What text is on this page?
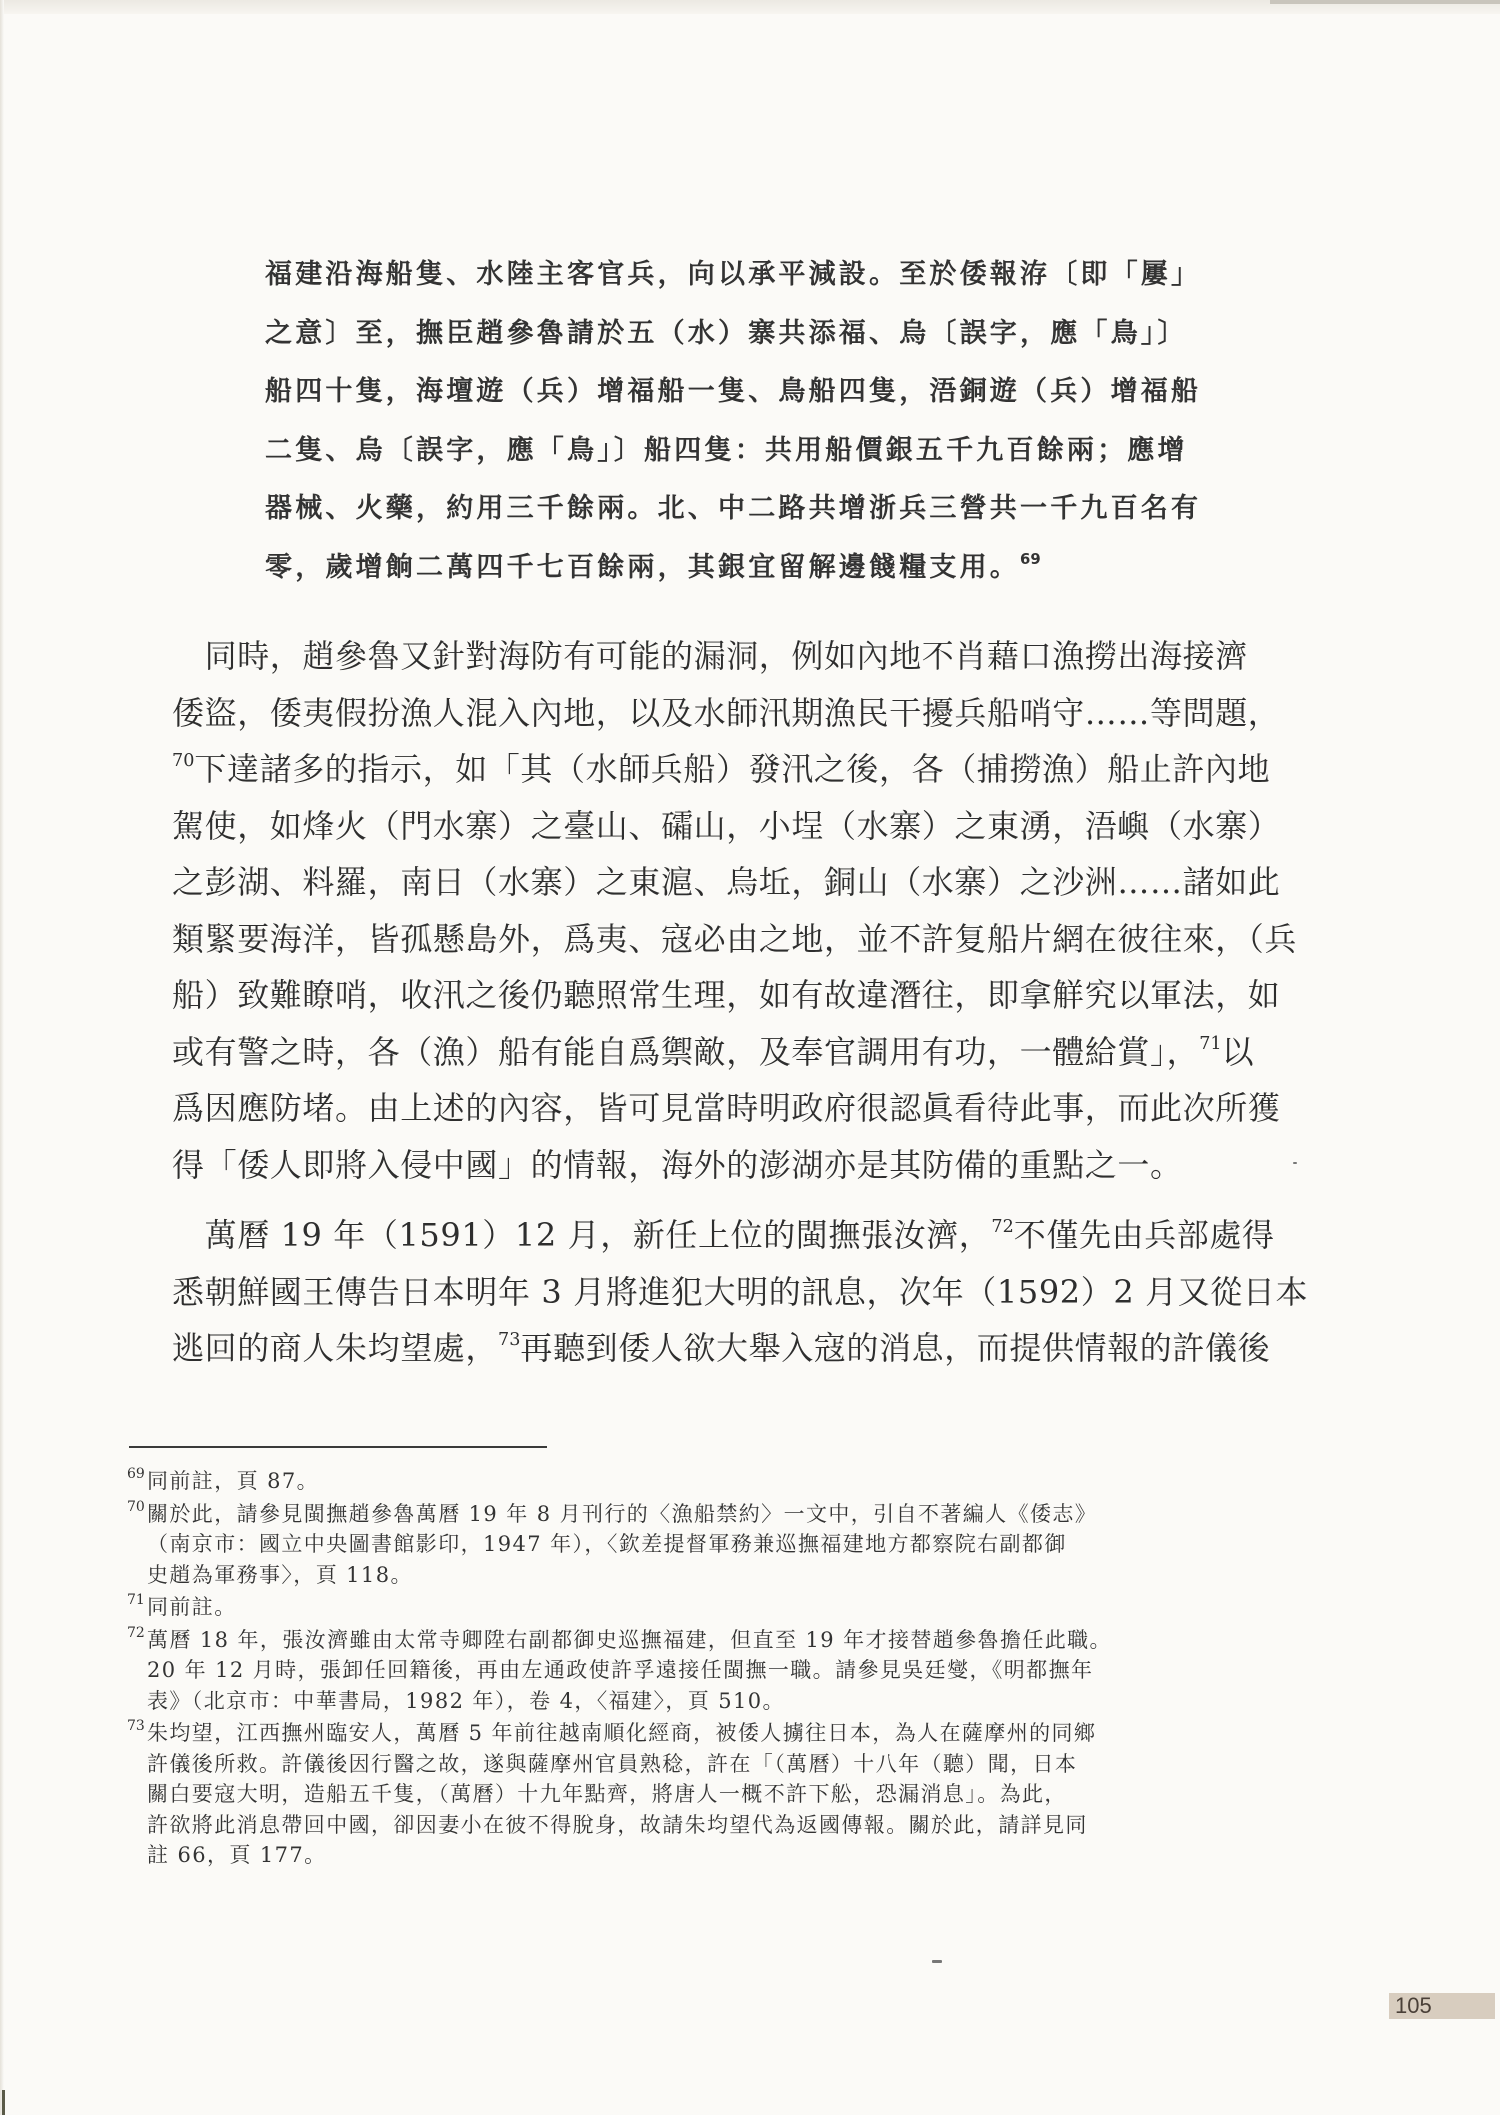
福建沿海船隻、水陸主客官兵，向以承平減設。至於倭報洊〔即「屢」
之意〕至，撫臣趙參魯請於五（水）寨共添福、烏〔誤字，應「鳥」〕
船四十隻，海壇遊（兵）增福船一隻、鳥船四隻，浯銅遊（兵）增福船
二隻、烏〔誤字，應「鳥」〕船四隻：共用船價銀五千九百餘兩；應增
器械、火藥，約用三千餘兩。北、中二路共增浙兵三營共一千九百名有
零，歲增餉二萬四千七百餘兩，其銀宜留解邊餞糧支用。$^{69}$
　同時，趙參魯又針對海防有可能的漏洞，例如內地不肖藉口漁撈出海接濟
倭盜，倭夷假扮漁人混入內地，以及水師汛期漁民干擾兵船哨守……等問題，
$^{70}$下達諸多的指示，如「其（水師兵船）發汛之後，各（捕撈漁）船止許內地
駕使，如烽火（門水寨）之臺山、礵山，小埕（水寨）之東湧，浯嶼（水寨）
之彭湖、料羅，南日（水寨）之東滬、烏坵，銅山（水寨）之沙洲……諸如此
類緊要海洋，皆孤懸島外，爲夷、寇必由之地，並不許复船片網在彼往來，（兵
船）致難瞭哨，收汛之後仍聽照常生理，如有故違潛往，即拿觧究以軍法，如
或有警之時，各（漁）船有能自爲禦敵，及奉官調用有功，一體給賞」，$^{71}$以
爲因應防堵。由上述的內容，皆可見當時明政府很認眞看待此事，而此次所獲
得「倭人即將入侵中國」的情報，海外的澎湖亦是其防備的重點之一。
　萬曆 19 年（1591）12 月，新任上位的閩撫張汝濟，$^{72}$不僅先由兵部處得
悉朝鮮國王傳告日本明年 3 月將進犯大明的訊息，次年（1592）2 月又從日本
逃回的商人朱均望處，$^{73}$再聽到倭人欲大舉入寇的消息，而提供情報的許儀後
69 同前註，頁 87。
70 關於此，請參見閩撫趙參魯萬曆 19 年 8 月刊行的〈漁船禁約〉一文中，引自不著編人《倭志》
（南京市：國立中央圖書館影印，1947 年），〈欽差提督軍務兼巡撫福建地方都察院右副都御
史趙為軍務事〉，頁 118。
71 同前註。
72 萬曆 18 年，張汝濟雖由太常寺卿陞右副都御史巡撫福建，但直至 19 年才接替趙參魯擔任此職。
20 年 12 月時，張卸任回籍後，再由左通政使許孚遠接任閩撫一職。請參見吳廷燮，《明都撫年
表》（北京市：中華書局，1982 年），卷 4，〈福建〉，頁 510。
73 朱均望，江西撫州臨安人，萬曆 5 年前往越南順化經商，被倭人擄往日本，為人在薩摩州的同鄉
許儀後所救。許儀後因行醫之故，遂與薩摩州官員熟稔，許在「（萬曆）十八年（聽）聞，日本
關白要寇大明，造船五千隻，（萬曆）十九年點齊，將唐人一概不許下舩，恐漏消息」。為此，
許欲將此消息帶回中國，卻因妻小在彼不得脫身，故請朱均望代為返國傳報。關於此，請詳見同
註 66，頁 177。
105
